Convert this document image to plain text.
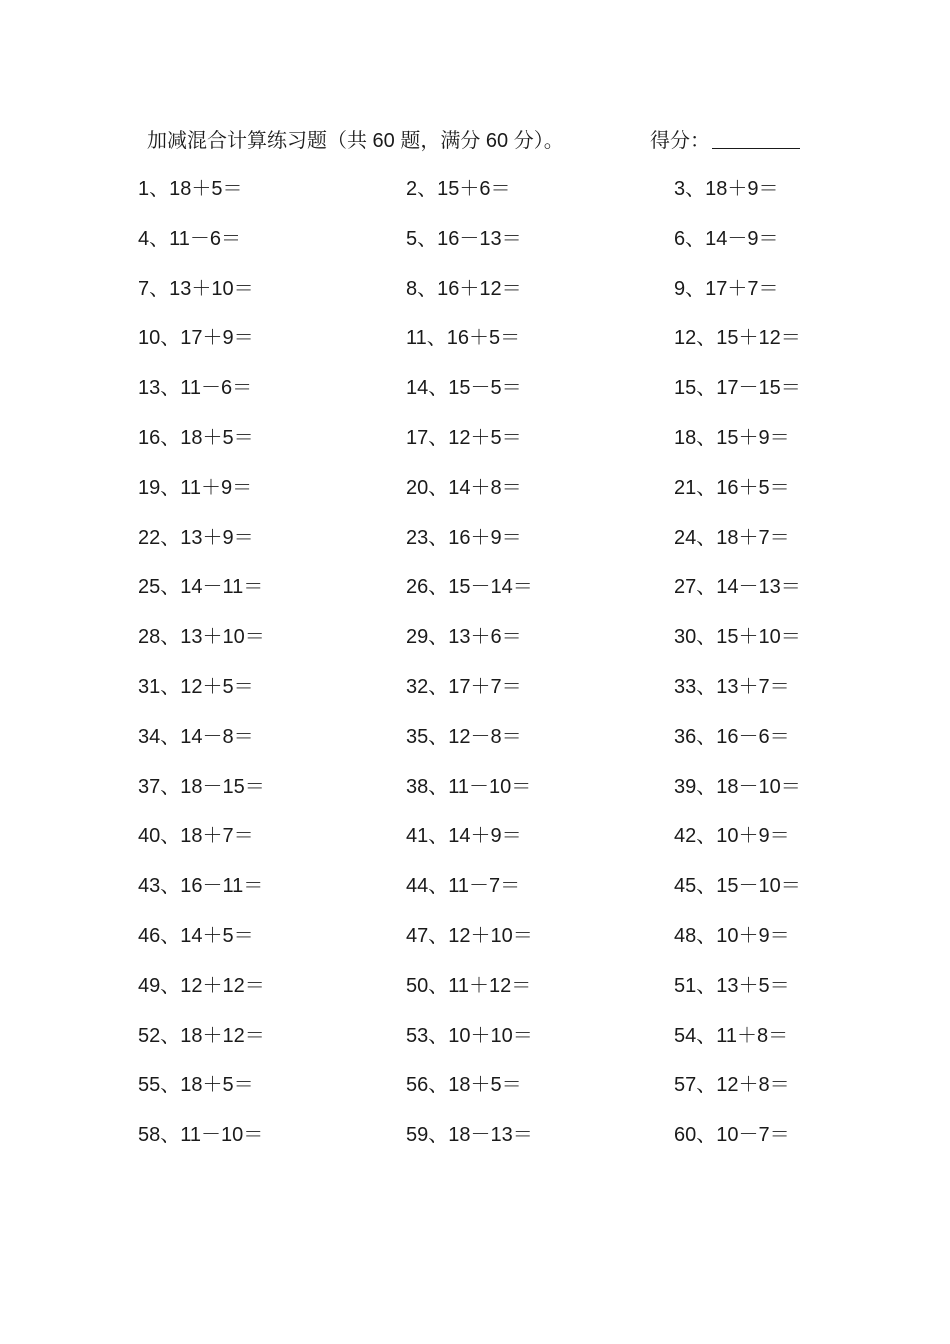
加减混合计算练习题（共 60 题，满分 60 分）。	得分：
1、18＋5＝	2、15＋6＝	3、18＋9＝
4、11－6＝	5、16－13＝	6、14－9＝
7、13＋10＝	8、16＋12＝	9、17＋7＝
10、17＋9＝	11、16＋5＝	12、15＋12＝
13、11－6＝	14、15－5＝	15、17－15＝
16、18＋5＝	17、12＋5＝	18、15＋9＝
19、11＋9＝	20、14＋8＝	21、16＋5＝
22、13＋9＝	23、16＋9＝	24、18＋7＝
25、14－11＝	26、15－14＝	27、14－13＝
28、13＋10＝	29、13＋6＝	30、15＋10＝
31、12＋5＝	32、17＋7＝	33、13＋7＝
34、14－8＝	35、12－8＝	36、16－6＝
37、18－15＝	38、11－10＝	39、18－10＝
40、18＋7＝	41、14＋9＝	42、10＋9＝
43、16－11＝	44、11－7＝	45、15－10＝
46、14＋5＝	47、12＋10＝	48、10＋9＝
49、12＋12＝	50、11＋12＝	51、13＋5＝
52、18＋12＝	53、10＋10＝	54、11＋8＝
55、18＋5＝	56、18＋5＝	57、12＋8＝
58、11－10＝	59、18－13＝	60、10－7＝
